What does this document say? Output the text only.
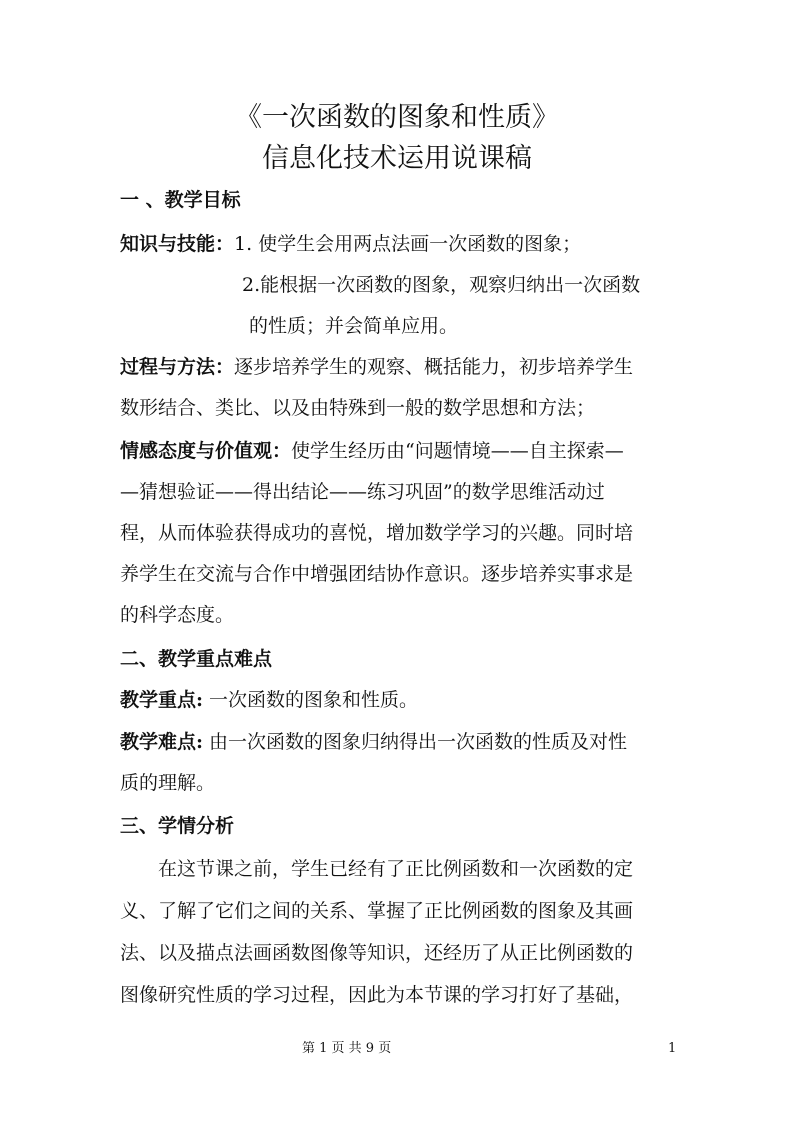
《一次函数的图象和性质》
信息化技术运用说课稿
一 、教学目标
知识与技能：1. 使学生会用两点法画一次函数的图象；
2.能根据一次函数的图象，观察归纳出一次函数
的性质；并会简单应用。
过程与方法：逐步培养学生的观察、概括能力，初步培养学生
数形结合、类比、以及由特殊到一般的数学思想和方法；
情感态度与价值观：使学生经历由“问题情境——自主探索—
—猜想验证——得出结论——练习巩固”的数学思维活动过
程，从而体验获得成功的喜悦，增加数学学习的兴趣。同时培
养学生在交流与合作中增强团结协作意识。逐步培养实事求是
的科学态度。
二、教学重点难点
教学重点: 一次函数的图象和性质。
教学难点: 由一次函数的图象归纳得出一次函数的性质及对性
质的理解。
三、学情分析
在这节课之前，学生已经有了正比例函数和一次函数的定
义、了解了它们之间的关系、掌握了正比例函数的图象及其画
法、以及描点法画函数图像等知识，还经历了从正比例函数的
图像研究性质的学习过程，因此为本节课的学习打好了基础，
第 1 页 共 9 页	1
